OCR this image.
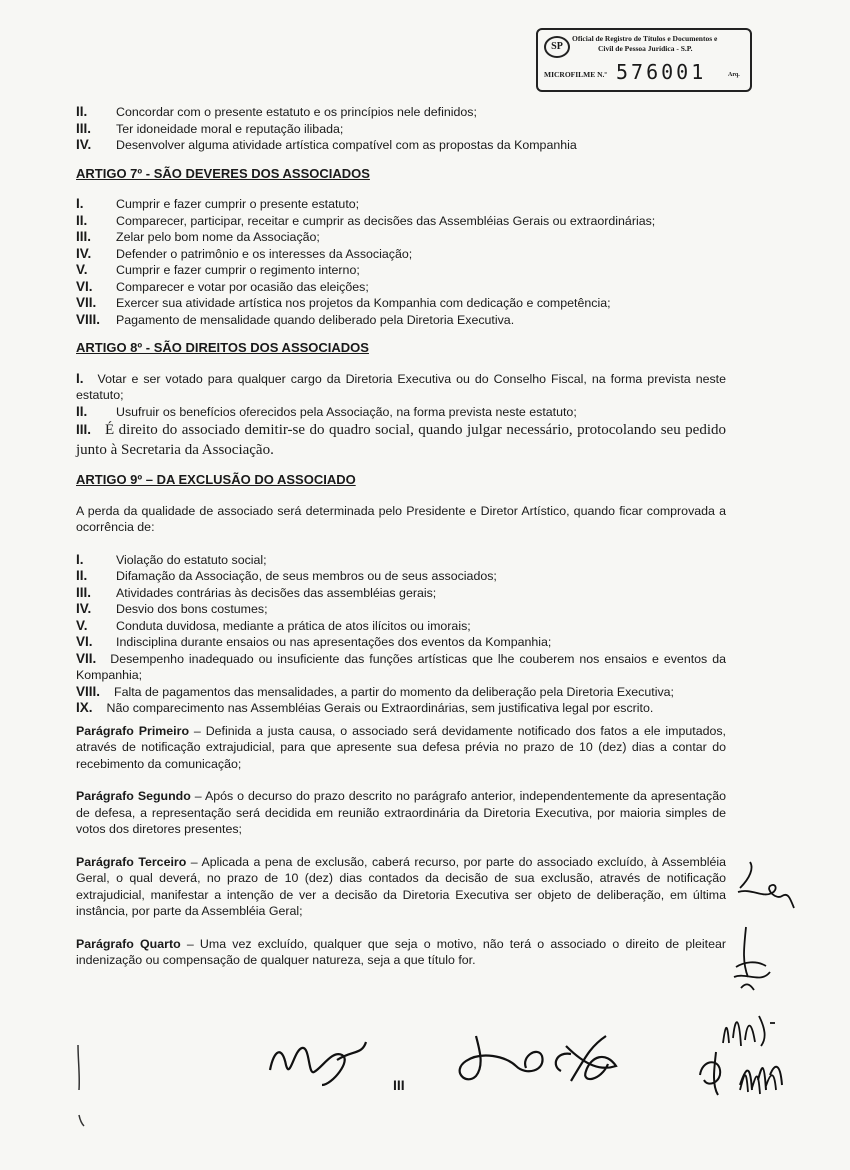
SP
Oficial de Registro de Títulos e Documentos e
Civil de Pessoa Jurídica - S.P.
MICROFILME N.º 576001	Arq.
II.	Concordar com o presente estatuto e os princípios nele definidos;
III.	Ter idoneidade moral e reputação ilibada;
IV.	Desenvolver alguma atividade artística compatível com as propostas da Kompanhia
ARTIGO 7º - SÃO DEVERES DOS ASSOCIADOS
I.	Cumprir e fazer cumprir o presente estatuto;
II.	Comparecer, participar, receitar e cumprir as decisões das Assembléias Gerais ou extraordinárias;
III.	Zelar pelo bom nome da Associação;
IV.	Defender o patrimônio e os interesses da Associação;
V.	Cumprir e fazer cumprir o regimento interno;
VI.	Comparecer e votar por ocasião das eleições;
VII.	Exercer sua atividade artística nos projetos da Kompanhia com dedicação e competência;
VIII.	Pagamento de mensalidade quando deliberado pela Diretoria Executiva.
ARTIGO 8º - SÃO DIREITOS DOS ASSOCIADOS
I. Votar e ser votado para qualquer cargo da Diretoria Executiva ou do Conselho Fiscal, na forma prevista neste estatuto;
II.	Usufruir os benefícios oferecidos pela Associação, na forma prevista neste estatuto;
III. É direito do associado demitir-se do quadro social, quando julgar necessário, protocolando seu pedido junto à Secretaria da Associação.
ARTIGO 9º – DA EXCLUSÃO DO ASSOCIADO
A perda da qualidade de associado será determinada pelo Presidente e Diretor Artístico, quando ficar comprovada a ocorrência de:
I.	Violação do estatuto social;
II.	Difamação da Associação, de seus membros ou de seus associados;
III.	Atividades contrárias às decisões das assembléias gerais;
IV.	Desvio dos bons costumes;
V.	Conduta duvidosa, mediante a prática de atos ilícitos ou imorais;
VI.	Indisciplina durante ensaios ou nas apresentações dos eventos da Kompanhia;
VII. Desempenho inadequado ou insuficiente das funções artísticas que lhe couberem nos ensaios e eventos da Kompanhia;
VIII. Falta de pagamentos das mensalidades, a partir do momento da deliberação pela Diretoria Executiva;
IX. Não comparecimento nas Assembléias Gerais ou Extraordinárias, sem justificativa legal por escrito.
Parágrafo Primeiro – Definida a justa causa, o associado será devidamente notificado dos fatos a ele imputados, através de notificação extrajudicial, para que apresente sua defesa prévia no prazo de 10 (dez) dias a contar do recebimento da comunicação;
Parágrafo Segundo – Após o decurso do prazo descrito no parágrafo anterior, independentemente da apresentação de defesa, a representação será decidida em reunião extraordinária da Diretoria Executiva, por maioria simples de votos dos diretores presentes;
Parágrafo Terceiro – Aplicada a pena de exclusão, caberá recurso, por parte do associado excluído, à Assembléia Geral, o qual deverá, no prazo de 10 (dez) dias contados da decisão de sua exclusão, através de notificação extrajudicial, manifestar a intenção de ver a decisão da Diretoria Executiva ser objeto de deliberação, em última instância, por parte da Assembléia Geral;
Parágrafo Quarto – Uma vez excluído, qualquer que seja o motivo, não terá o associado o direito de pleitear indenização ou compensação de qualquer natureza, seja a que título for.
III
